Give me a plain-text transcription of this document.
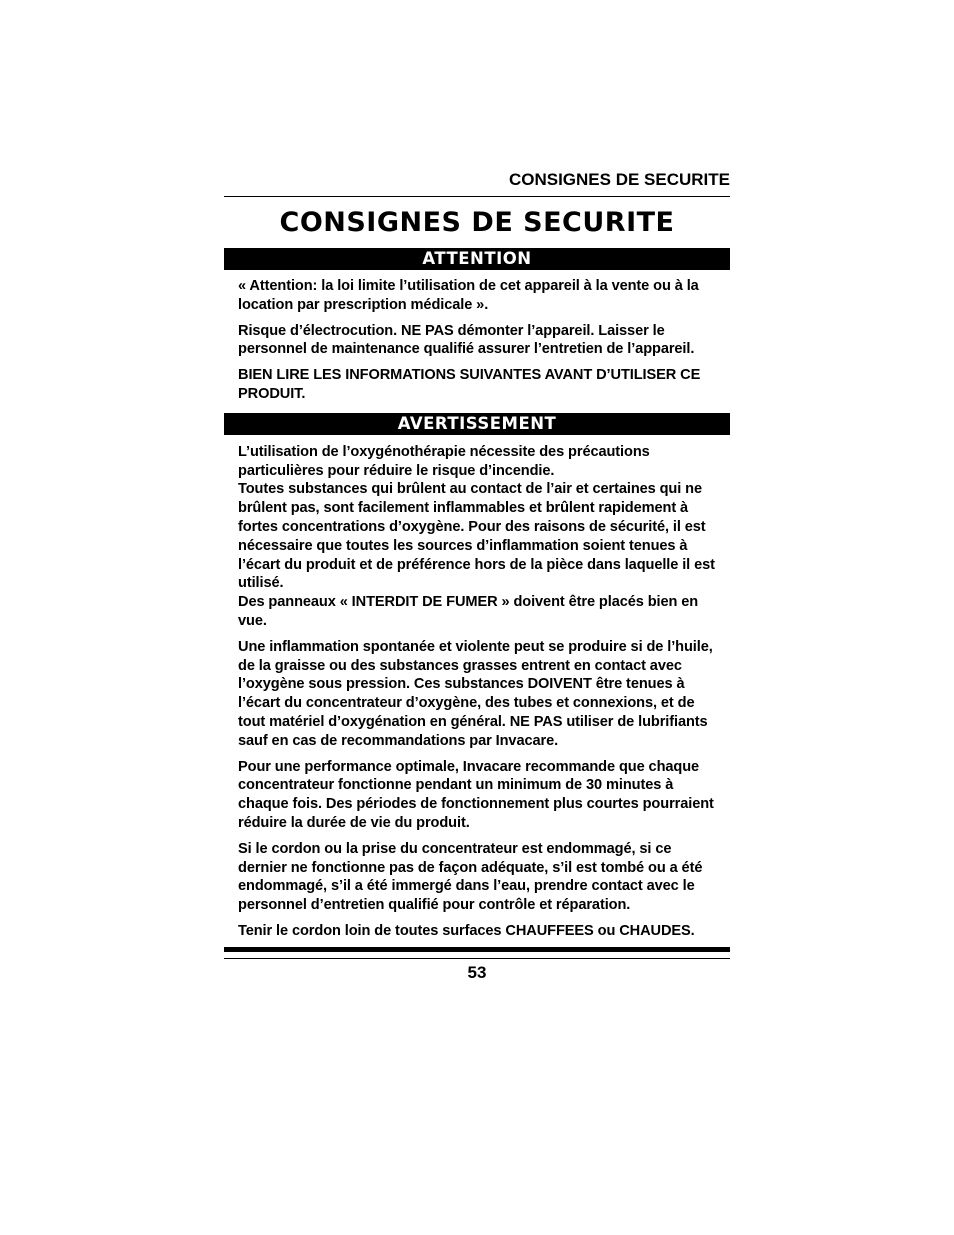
CONSIGNES DE SECURITE
CONSIGNES DE SECURITE
ATTENTION

« Attention: la loi limite l’utilisation de cet appareil à la vente ou à la location par prescription médicale ».

Risque d’électrocution. NE PAS démonter l’appareil. Laisser le personnel de maintenance qualifié assurer l’entretien de l’appareil.

BIEN LIRE LES INFORMATIONS SUIVANTES AVANT D’UTILISER CE PRODUIT.

AVERTISSEMENT

L’utilisation de l’oxygénothérapie nécessite des précautions particulières pour réduire le risque d’incendie.

Toutes substances qui brûlent au contact de l’air et certaines qui ne brûlent pas, sont facilement inflammables et brûlent rapidement à fortes concentrations d’oxygène. Pour des raisons de sécurité, il est nécessaire que toutes les sources d’inflammation soient tenues à l’écart du produit et de préférence hors de la pièce dans laquelle il est utilisé.

Des panneaux « INTERDIT DE FUMER » doivent être placés bien en vue.

Une inflammation spontanée et violente peut se produire si de l’huile, de la graisse ou des substances grasses entrent en contact avec l’oxygène sous pression. Ces substances DOIVENT être tenues à l’écart du concentrateur d’oxygène, des tubes et connexions, et de tout matériel d’oxygénation en général. NE PAS utiliser de lubrifiants sauf en cas de recommandations par Invacare.

Pour une performance optimale, Invacare recommande que chaque concentrateur fonctionne pendant un minimum de 30 minutes à chaque fois. Des périodes de fonctionnement plus courtes pourraient réduire la durée de vie du produit.

Si le cordon ou la prise du concentrateur est endommagé, si ce dernier ne fonctionne pas de façon adéquate, s’il est tombé ou a été endommagé, s’il a été immergé dans l’eau, prendre contact avec le personnel d’entretien qualifié pour contrôle et réparation.

Tenir le cordon loin de toutes surfaces CHAUFFEES ou CHAUDES.

53
